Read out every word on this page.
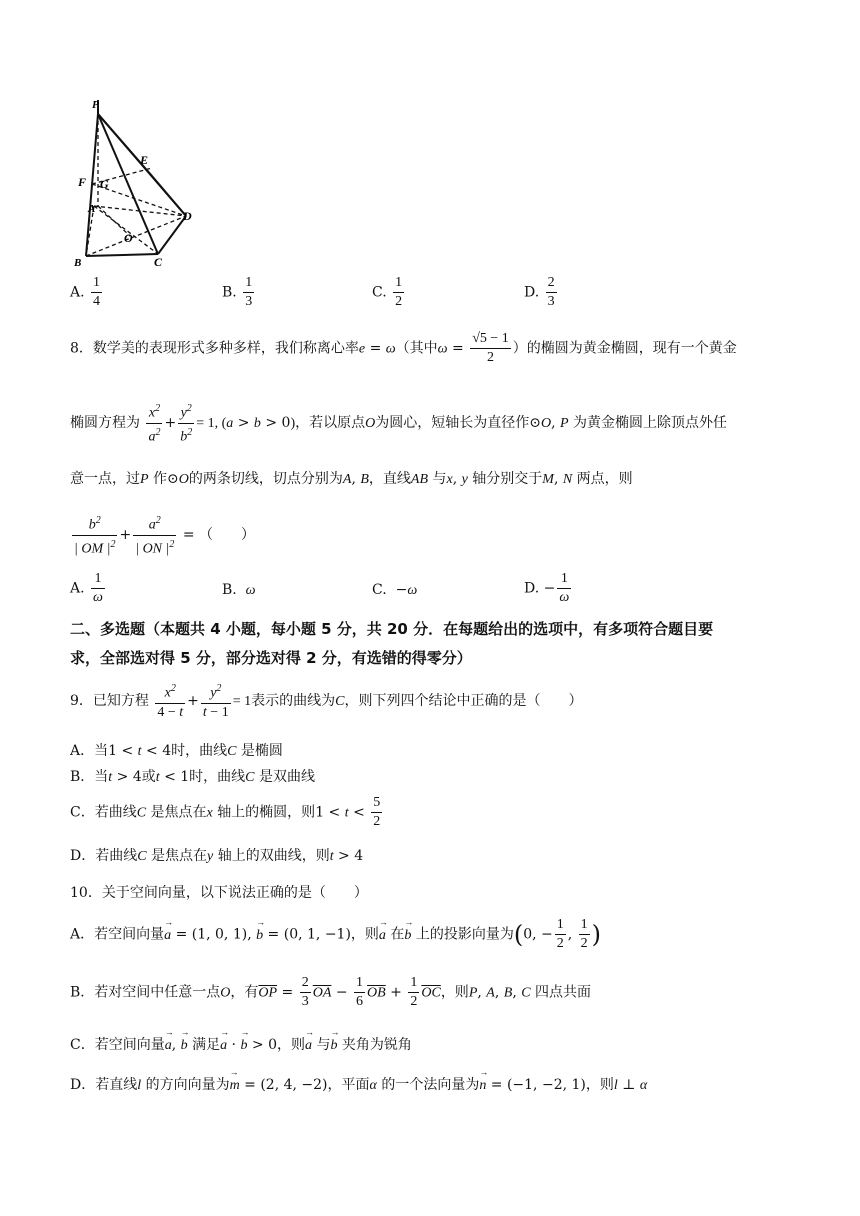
P
E
F G
A	D
O
C
B
A. $\frac{1}{4}$	B. $\frac{1}{3}$	C. $\frac{1}{2}$	D. $\frac{2}{3}$
8．数学美的表现形式多种多样，我们称离心率e = ω（其中$\omega = \frac{√5 - 1}{2}$ ）的椭圆为黄金椭圆，现有一个黄金
椭圆方程为 $\frac{x^2}{a^2} + \frac{y^2}{b^2} = 1$, (a > b > 0)，若以原点O为圆心，短轴长为直径作⊙O, P 为黄金椭圆上除顶点外任
意一点，过P 作⊙O的两条切线，切点分别为A, B，直线AB 与x, y 轴分别交于M, N 两点，则
$\frac{b^2}{| OM |^2} + \frac{a^2}{| ON |^2}$ = （　　）
A. $\frac{1}{\omega}$	B. ω	C.  −ω	D. − $\frac{1}{\omega}$
二、多选题（本题共 4 小题，每小题 5 分，共 20 分．在每题给出的选项中，有多项符合题目要
求，全部选对得 5 分，部分选对得 2 分，有选错的得零分）
9．已知方程 $\frac{x^2}{4 - t} + \frac{y^2}{t - 1} = 1$表示的曲线为C，则下列四个结论中正确的是（　　）
A．当1 < t < 4时，曲线C 是椭圆
B．当t > 4或t < 1时，曲线C 是双曲线
C．若曲线C 是焦点在x 轴上的椭圆，则$1 < t < \frac{5}{2}$
D．若曲线C 是焦点在y 轴上的双曲线，则t > 4
10．关于空间向量，以下说法正确的是（　　）
A．若空间向量→ a = (1, 0, 1), → b = (0, 1, −1)，则→ a 在→ b 上的投影向量为(0, − $\frac{1}{2}$ , $\frac{1}{2}$ )
B．若对空间中任意一点O，有$\overline{OP} = \frac{2}{3} \overline{OA} - \frac{1}{6} \overline{OB} + \frac{1}{2} \overline{OC}$，则P, A, B, C 四点共面
C．若空间向量→ a, → b 满足→ a · → b > 0，则→ a 与→ b 夹角为锐角
D．若直线l 的方向向量为→ m = (2, 4, −2)，平面α 的一个法向量为→ n = (−1, −2, 1)，则l ⊥ α
